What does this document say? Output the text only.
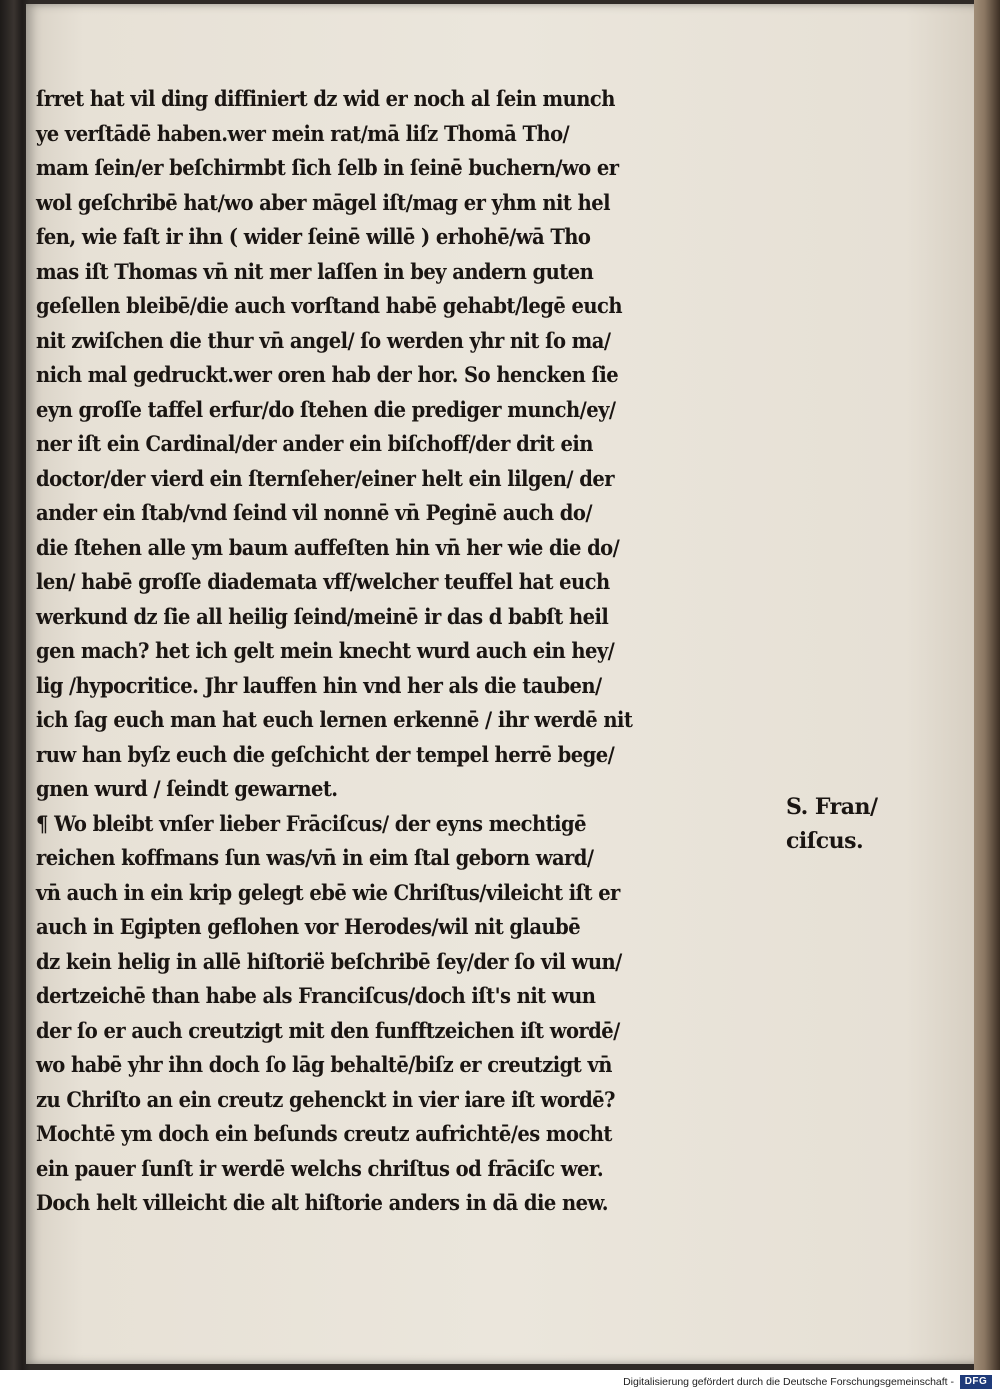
ſrret hat vil ding diffiniert dz wid er noch al ſein munch
ye verſtādē haben.wer mein rat/mā liſz Thomā Tho/
mam ſein/er beſchirmbt ſich ſelb in ſeinē buchern/wo er
wol geſchribē hat/wo aber māgel iſt/mag er yhm nit hel
fen, wie faſt ir ihn ( wider ſeinē willē ) erhohē/wā Tho
mas iſt Thomas vn̄ nit mer laſſen in bey andern guten
geſellen bleibē/die auch vorſtand habē gehabt/legē euch
nit zwiſchen die thur vn̄ angel/ ſo werden yhr nit ſo ma/
nich mal gedruckt.wer oren hab der hor. So hencken ſie
eyn groſſe taffel erfur/do ſtehen die prediger munch/ey/
ner iſt ein Cardinal/der ander ein biſchoff/der drit ein
doctor/der vierd ein ſternſeher/einer helt ein lilgen/ der
ander ein ſtab/vnd ſeind vil nonnē vn̄ Peginē auch do/
die ſtehen alle ym baum auffeſten hin vn̄ her wie die do/
len/ habē groſſe diademata vff/welcher teuffel hat euch
werkund dz ſie all heilig ſeind/meinē ir das d babſt heil
gen mach? het ich gelt mein knecht wurd auch ein hey/
lig /hypocritice. Jhr lauffen hin vnd her als die tauben/
ich ſag euch man hat euch lernen erkennē / ihr werdē nit
ruw han byſz euch die geſchicht der tempel herrē bege/
gnen wurd / ſeindt gewarnet.
¶ Wo bleibt vnſer lieber Frāciſcus/ der eyns mechtigē
reichen koffmans ſun was/vn̄ in eim ſtal geborn ward/
vn̄ auch in ein krip gelegt ebē wie Chriſtus/vileicht iſt er
auch in Egipten geflohen vor Herodes/wil nit glaubē
dz kein helig in allē hiſtorië beſchribē ſey/der ſo vil wun/
dertzeichē than habe als Franciſcus/doch iſt's nit wun
der ſo er auch creutzigt mit den funfftzeichen iſt wordē/
wo habē yhr ihn doch ſo lāg behaltē/biſz er creutzigt vn̄
zu Chriſto an ein creutz gehenckt in vier iare iſt wordē?
Mochtē ym doch ein beſunds creutz aufrichtē/es mocht
ein pauer ſunſt ir werdē welchs chriſtus od frāciſc wer.
Doch helt villeicht die alt hiſtorie anders in dā die new.
S. Fran/
ciſcus.
Digitalisierung gefördert durch die Deutsche Forschungsgemeinschaft -	DFG
